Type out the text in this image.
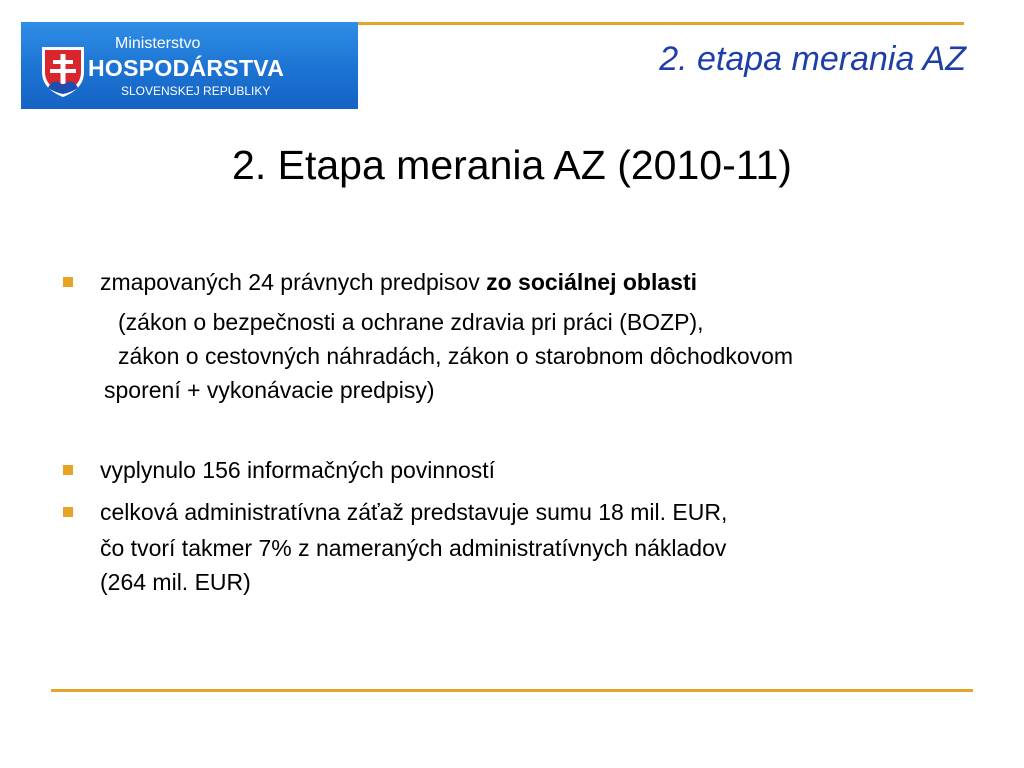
Ministerstvo
HOSPODÁRSTVA
SLOVENSKEJ REPUBLIKY
2. etapa merania AZ
2. Etapa merania AZ (2010-11)
zmapovaných 24 právnych predpisov zo sociálnej oblasti
(zákon o bezpečnosti a ochrane zdravia pri práci (BOZP),
zákon o cestovných náhradách, zákon o starobnom dôchodkovom
sporení + vykonávacie predpisy)
vyplynulo 156 informačných povinností
celková administratívna záťaž predstavuje sumu 18 mil. EUR,
čo tvorí takmer 7% z nameraných administratívnych nákladov
(264 mil. EUR)
